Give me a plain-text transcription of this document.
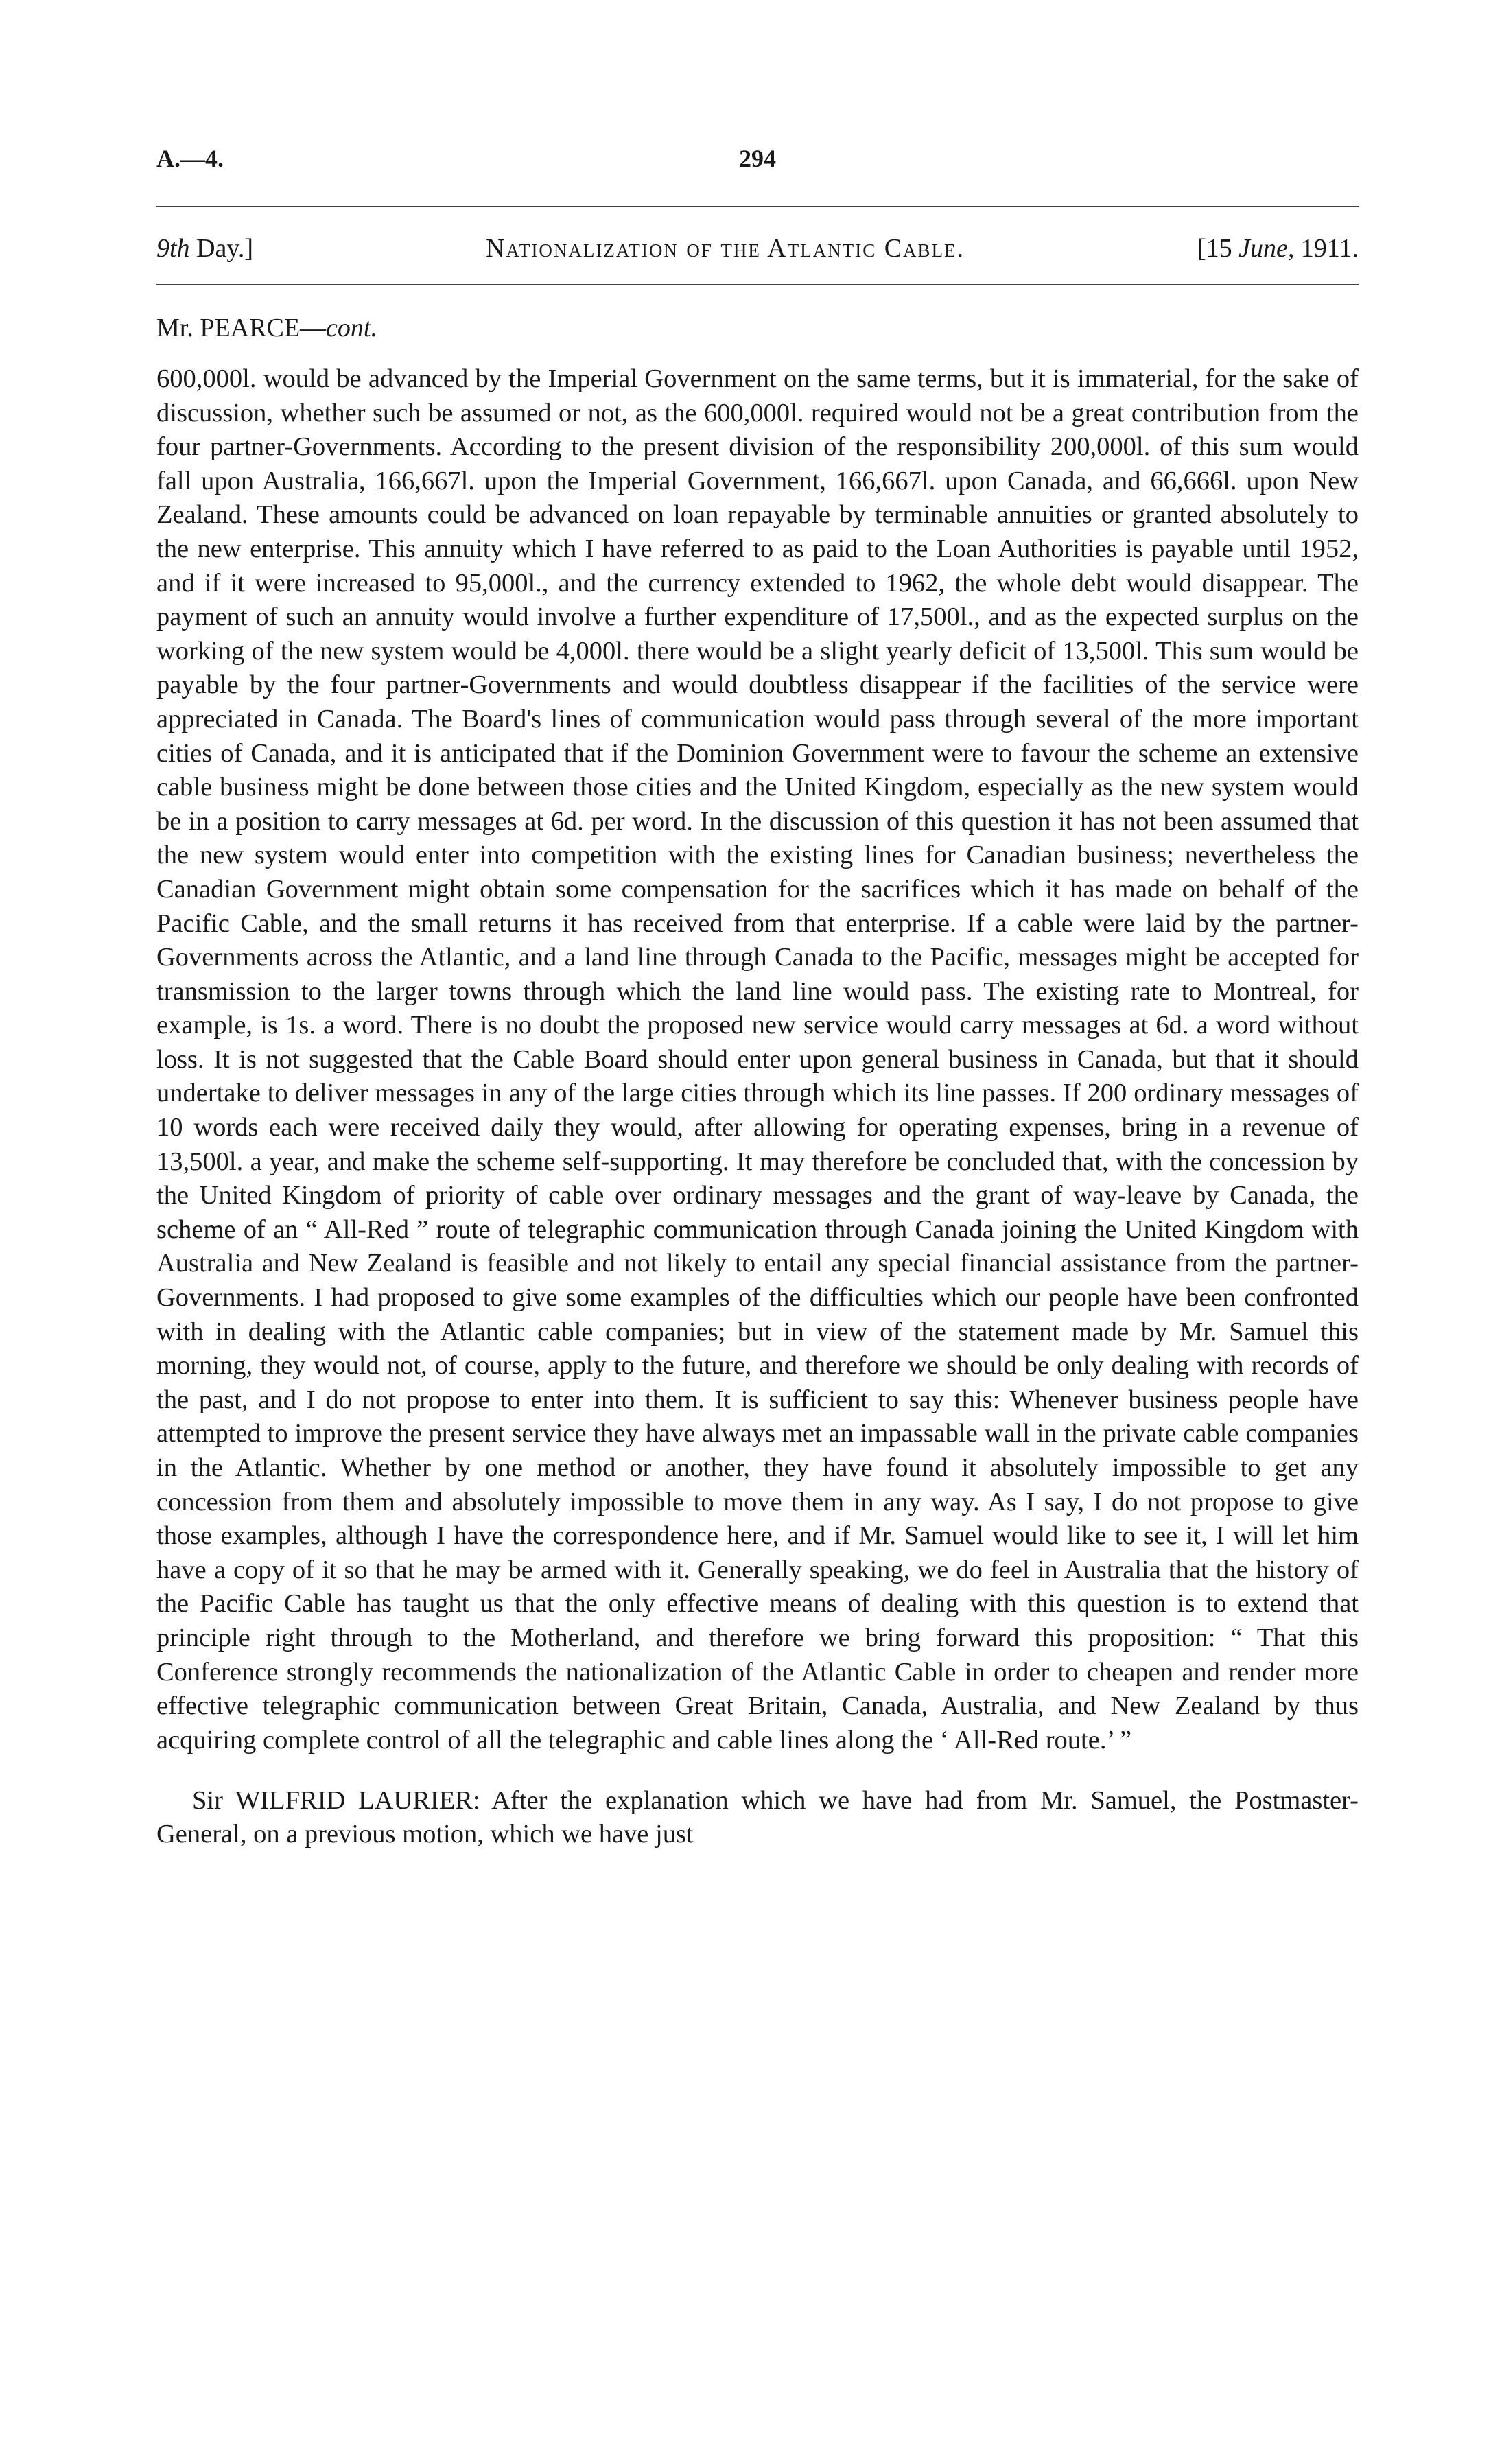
A.—4.	294
9th Day.]	Nationalization of the Atlantic Cable.	[15 June, 1911.
Mr. PEARCE—cont.

600,000l. would be advanced by the Imperial Government on the same terms, but it is immaterial, for the sake of discussion, whether such be assumed or not, as the 600,000l. required would not be a great contribution from the four partner-Governments. According to the present division of the responsibility 200,000l. of this sum would fall upon Australia, 166,667l. upon the Imperial Government, 166,667l. upon Canada, and 66,666l. upon New Zealand. These amounts could be advanced on loan repayable by terminable annuities or granted absolutely to the new enterprise. This annuity which I have referred to as paid to the Loan Authorities is payable until 1952, and if it were increased to 95,000l., and the currency extended to 1962, the whole debt would disappear. The payment of such an annuity would involve a further expenditure of 17,500l., and as the expected surplus on the working of the new system would be 4,000l. there would be a slight yearly deficit of 13,500l. This sum would be payable by the four partner-Governments and would doubtless disappear if the facilities of the service were appreciated in Canada. The Board's lines of communication would pass through several of the more important cities of Canada, and it is anticipated that if the Dominion Government were to favour the scheme an extensive cable business might be done between those cities and the United Kingdom, especially as the new system would be in a position to carry messages at 6d. per word. In the discussion of this question it has not been assumed that the new system would enter into competition with the existing lines for Canadian business; nevertheless the Canadian Government might obtain some compensation for the sacrifices which it has made on behalf of the Pacific Cable, and the small returns it has received from that enterprise. If a cable were laid by the partner-Governments across the Atlantic, and a land line through Canada to the Pacific, messages might be accepted for transmission to the larger towns through which the land line would pass. The existing rate to Montreal, for example, is 1s. a word. There is no doubt the proposed new service would carry messages at 6d. a word without loss. It is not suggested that the Cable Board should enter upon general business in Canada, but that it should undertake to deliver messages in any of the large cities through which its line passes. If 200 ordinary messages of 10 words each were received daily they would, after allowing for operating expenses, bring in a revenue of 13,500l. a year, and make the scheme self-supporting. It may therefore be concluded that, with the concession by the United Kingdom of priority of cable over ordinary messages and the grant of way-leave by Canada, the scheme of an “ All-Red ” route of telegraphic communication through Canada joining the United Kingdom with Australia and New Zealand is feasible and not likely to entail any special financial assistance from the partner-Governments. I had proposed to give some examples of the difficulties which our people have been confronted with in dealing with the Atlantic cable companies; but in view of the statement made by Mr. Samuel this morning, they would not, of course, apply to the future, and therefore we should be only dealing with records of the past, and I do not propose to enter into them. It is sufficient to say this: Whenever business people have attempted to improve the present service they have always met an impassable wall in the private cable companies in the Atlantic. Whether by one method or another, they have found it absolutely impossible to get any concession from them and absolutely impossible to move them in any way. As I say, I do not propose to give those examples, although I have the correspondence here, and if Mr. Samuel would like to see it, I will let him have a copy of it so that he may be armed with it. Generally speaking, we do feel in Australia that the history of the Pacific Cable has taught us that the only effective means of dealing with this question is to extend that principle right through to the Motherland, and therefore we bring forward this proposition: “ That this Conference strongly recommends the nationalization of the Atlantic Cable in order to cheapen and render more effective telegraphic communication between Great Britain, Canada, Australia, and New Zealand by thus acquiring complete control of all the telegraphic and cable lines along the ‘ All-Red route.’ ”

Sir WILFRID LAURIER: After the explanation which we have had from Mr. Samuel, the Postmaster-General, on a previous motion, which we have just
